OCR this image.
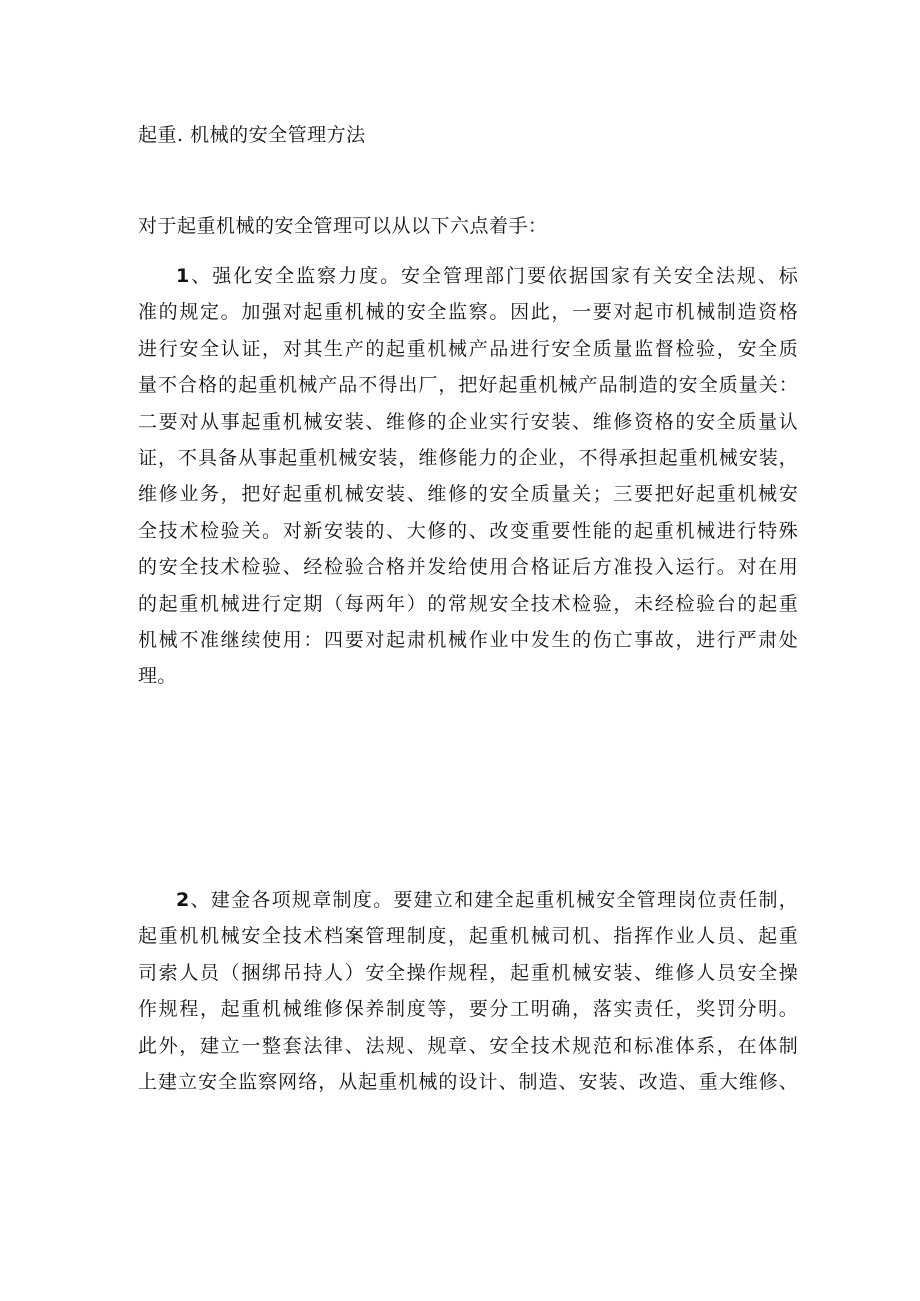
起重. 机械的安全管理方法
对于起重机械的安全管理可以从以下六点着手：
1、强化安全监察力度。安全管理部门要依据国家有关安全法规、标
准的规定。加强对起重机械的安全监察。因此，一要对起市机械制造资格
进行安全认证，对其生产的起重机械产品进行安全质量监督检验，安全质
量不合格的起重机械产品不得出厂，把好起重机械产品制造的安全质量关：
二要对从事起重机械安装、维修的企业实行安装、维修资格的安全质量认
证，不具备从事起重机械安装，维修能力的企业，不得承担起重机械安装，
维修业务，把好起重机械安装、维修的安全质量关；三要把好起重机械安
全技术检验关。对新安装的、大修的、改变重要性能的起重机械进行特殊
的安全技术检验、经检验合格并发给使用合格证后方准投入运行。对在用
的起重机械进行定期（每两年）的常规安全技术检验，未经检验台的起重
机械不准继续使用：四要对起肃机械作业中发生的伤亡事故，进行严肃处
理。
2、建金各项规章制度。要建立和建全起重机械安全管理岗位责任制，
起重机机械安全技术档案管理制度，起重机械司机、指挥作业人员、起重
司索人员（捆绑吊持人）安全操作规程，起重机械安装、维修人员安全操
作规程，起重机械维修保养制度等，要分工明确，落实责任，奖罚分明。
此外，建立一整套法律、法规、规章、安全技术规范和标准体系，在体制
上建立安全监察网络，从起重机械的设计、制造、安装、改造、重大维修、
